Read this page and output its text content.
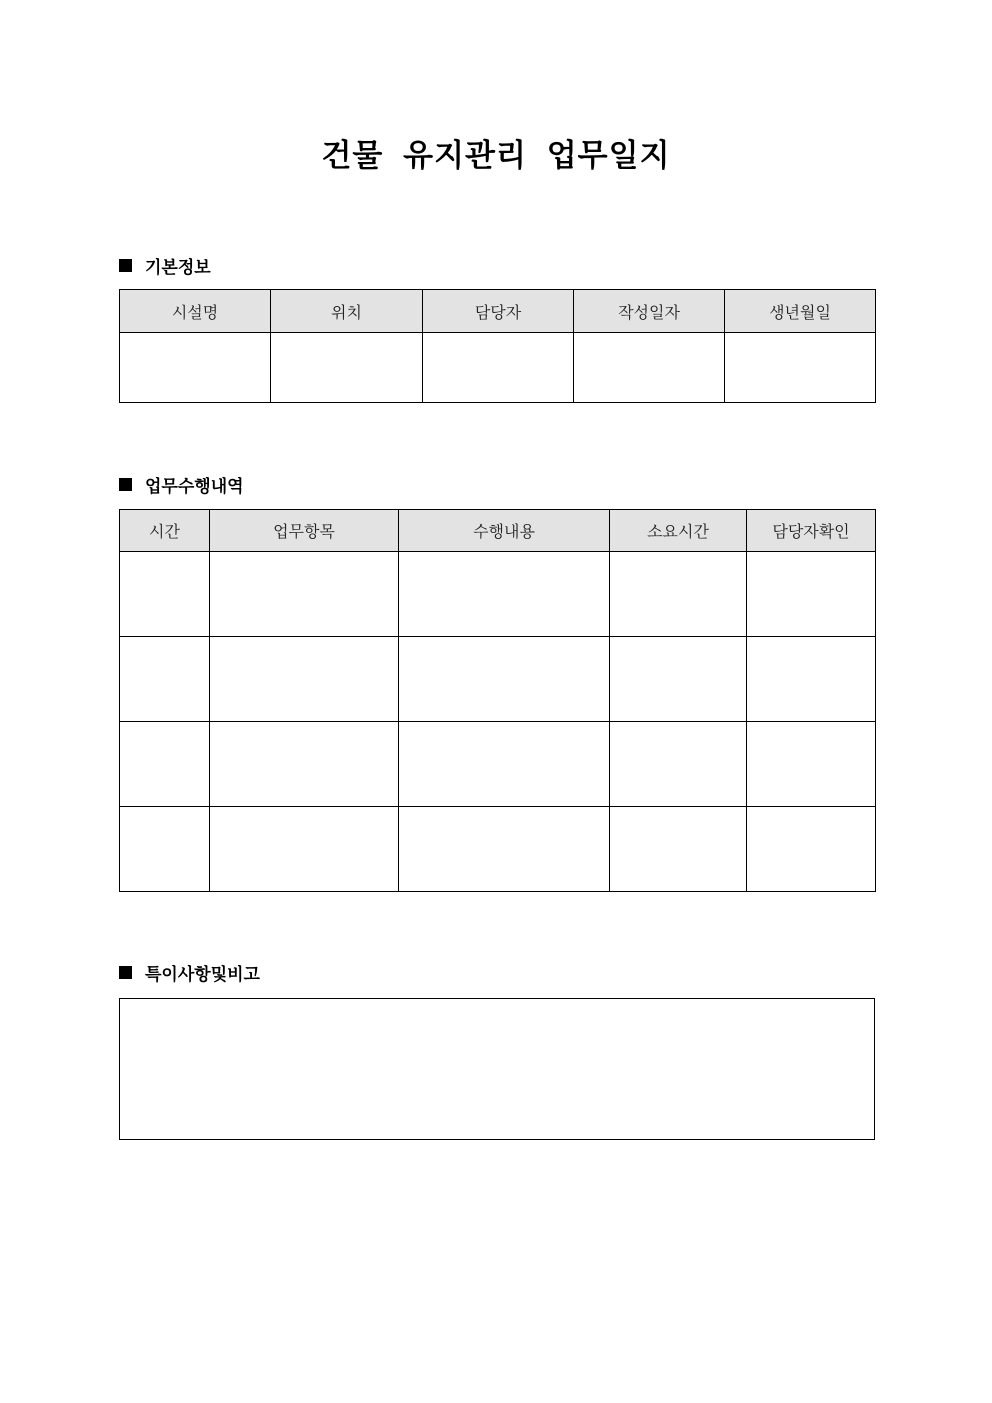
건물 유지관리 업무일지
기본정보
시설명	위치	담당자	작성일자	생년월일

업무수행내역
시간	업무항목	수행내용	소요시간	담당자확인

특이사항및비고
